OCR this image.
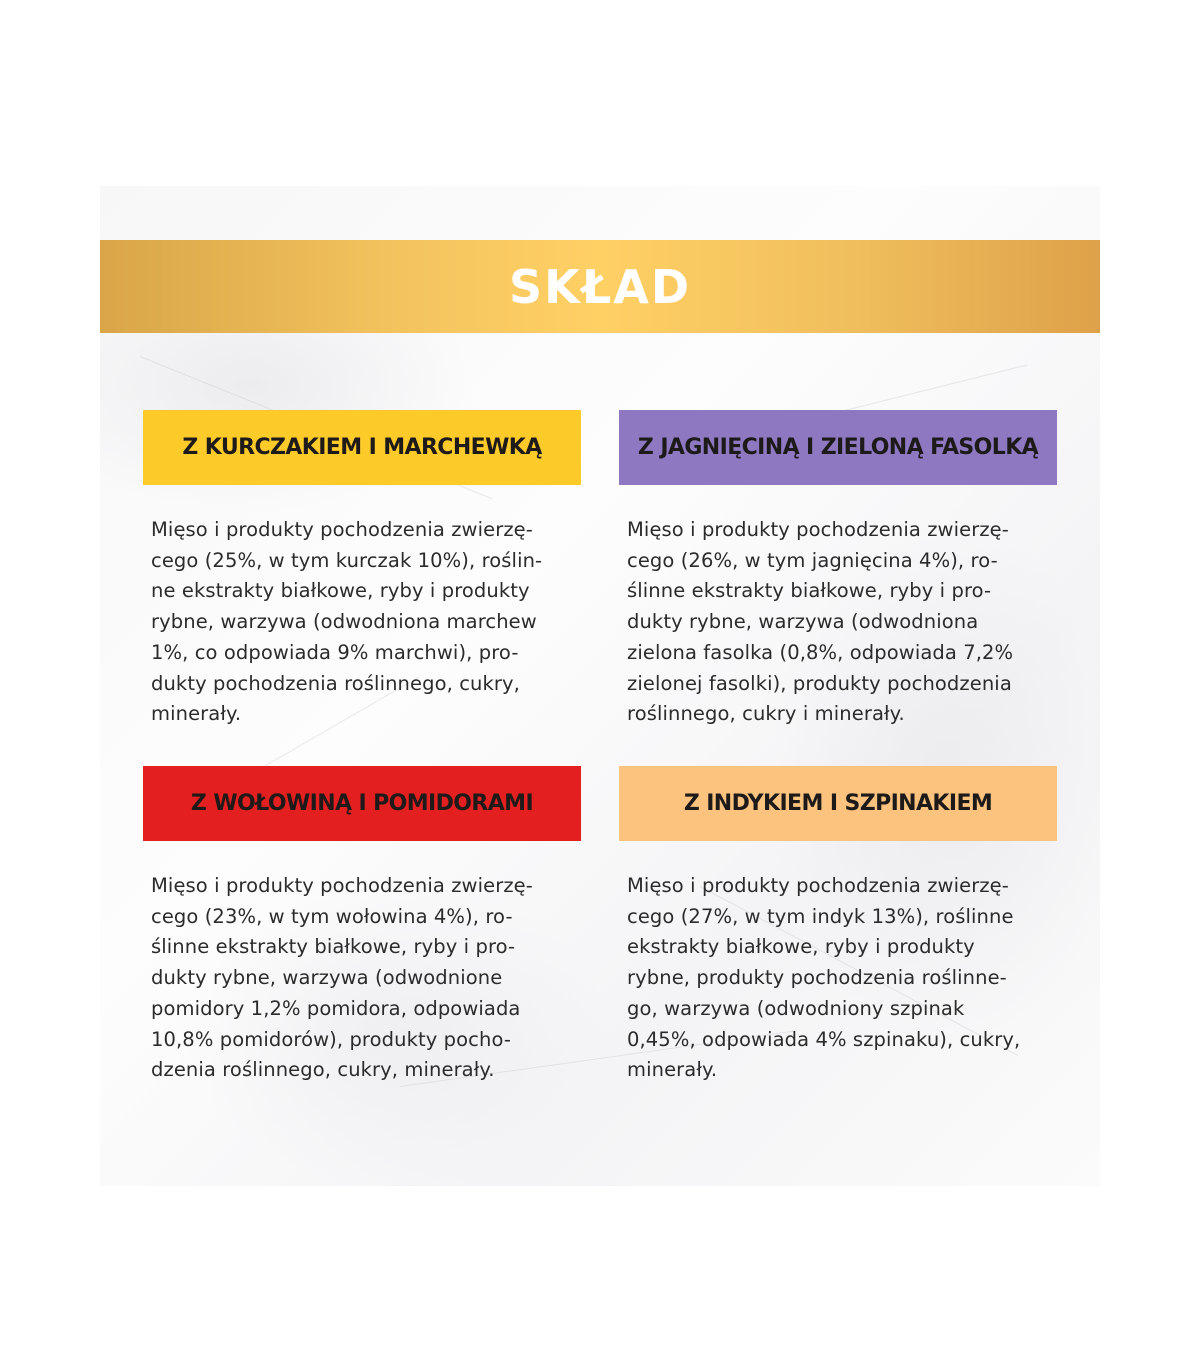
SKŁAD
Z KURCZAKIEM I MARCHEWKĄ
Mięso i produkty pochodzenia zwierzę-
cego (25%, w tym kurczak 10%), roślin-
ne ekstrakty białkowe, ryby i produkty
rybne, warzywa (odwodniona marchew
1%, co odpowiada 9% marchwi), pro-
dukty pochodzenia roślinnego, cukry,
minerały.
Z JAGNIĘCINĄ I ZIELONĄ FASOLKĄ
Mięso i produkty pochodzenia zwierzę-
cego (26%, w tym jagnięcina 4%), ro-
ślinne ekstrakty białkowe, ryby i pro-
dukty rybne, warzywa (odwodniona
zielona fasolka (0,8%, odpowiada 7,2%
zielonej fasolki), produkty pochodzenia
roślinnego, cukry i minerały.
Z WOŁOWINĄ I POMIDORAMI
Mięso i produkty pochodzenia zwierzę-
cego (23%, w tym wołowina 4%), ro-
ślinne ekstrakty białkowe, ryby i pro-
dukty rybne, warzywa (odwodnione
pomidory 1,2% pomidora, odpowiada
10,8% pomidorów), produkty pocho-
dzenia roślinnego, cukry, minerały.
Z INDYKIEM I SZPINAKIEM
Mięso i produkty pochodzenia zwierzę-
cego (27%, w tym indyk 13%), roślinne
ekstrakty białkowe, ryby i produkty
rybne, produkty pochodzenia roślinne-
go, warzywa (odwodniony szpinak
0,45%, odpowiada 4% szpinaku), cukry,
minerały.
